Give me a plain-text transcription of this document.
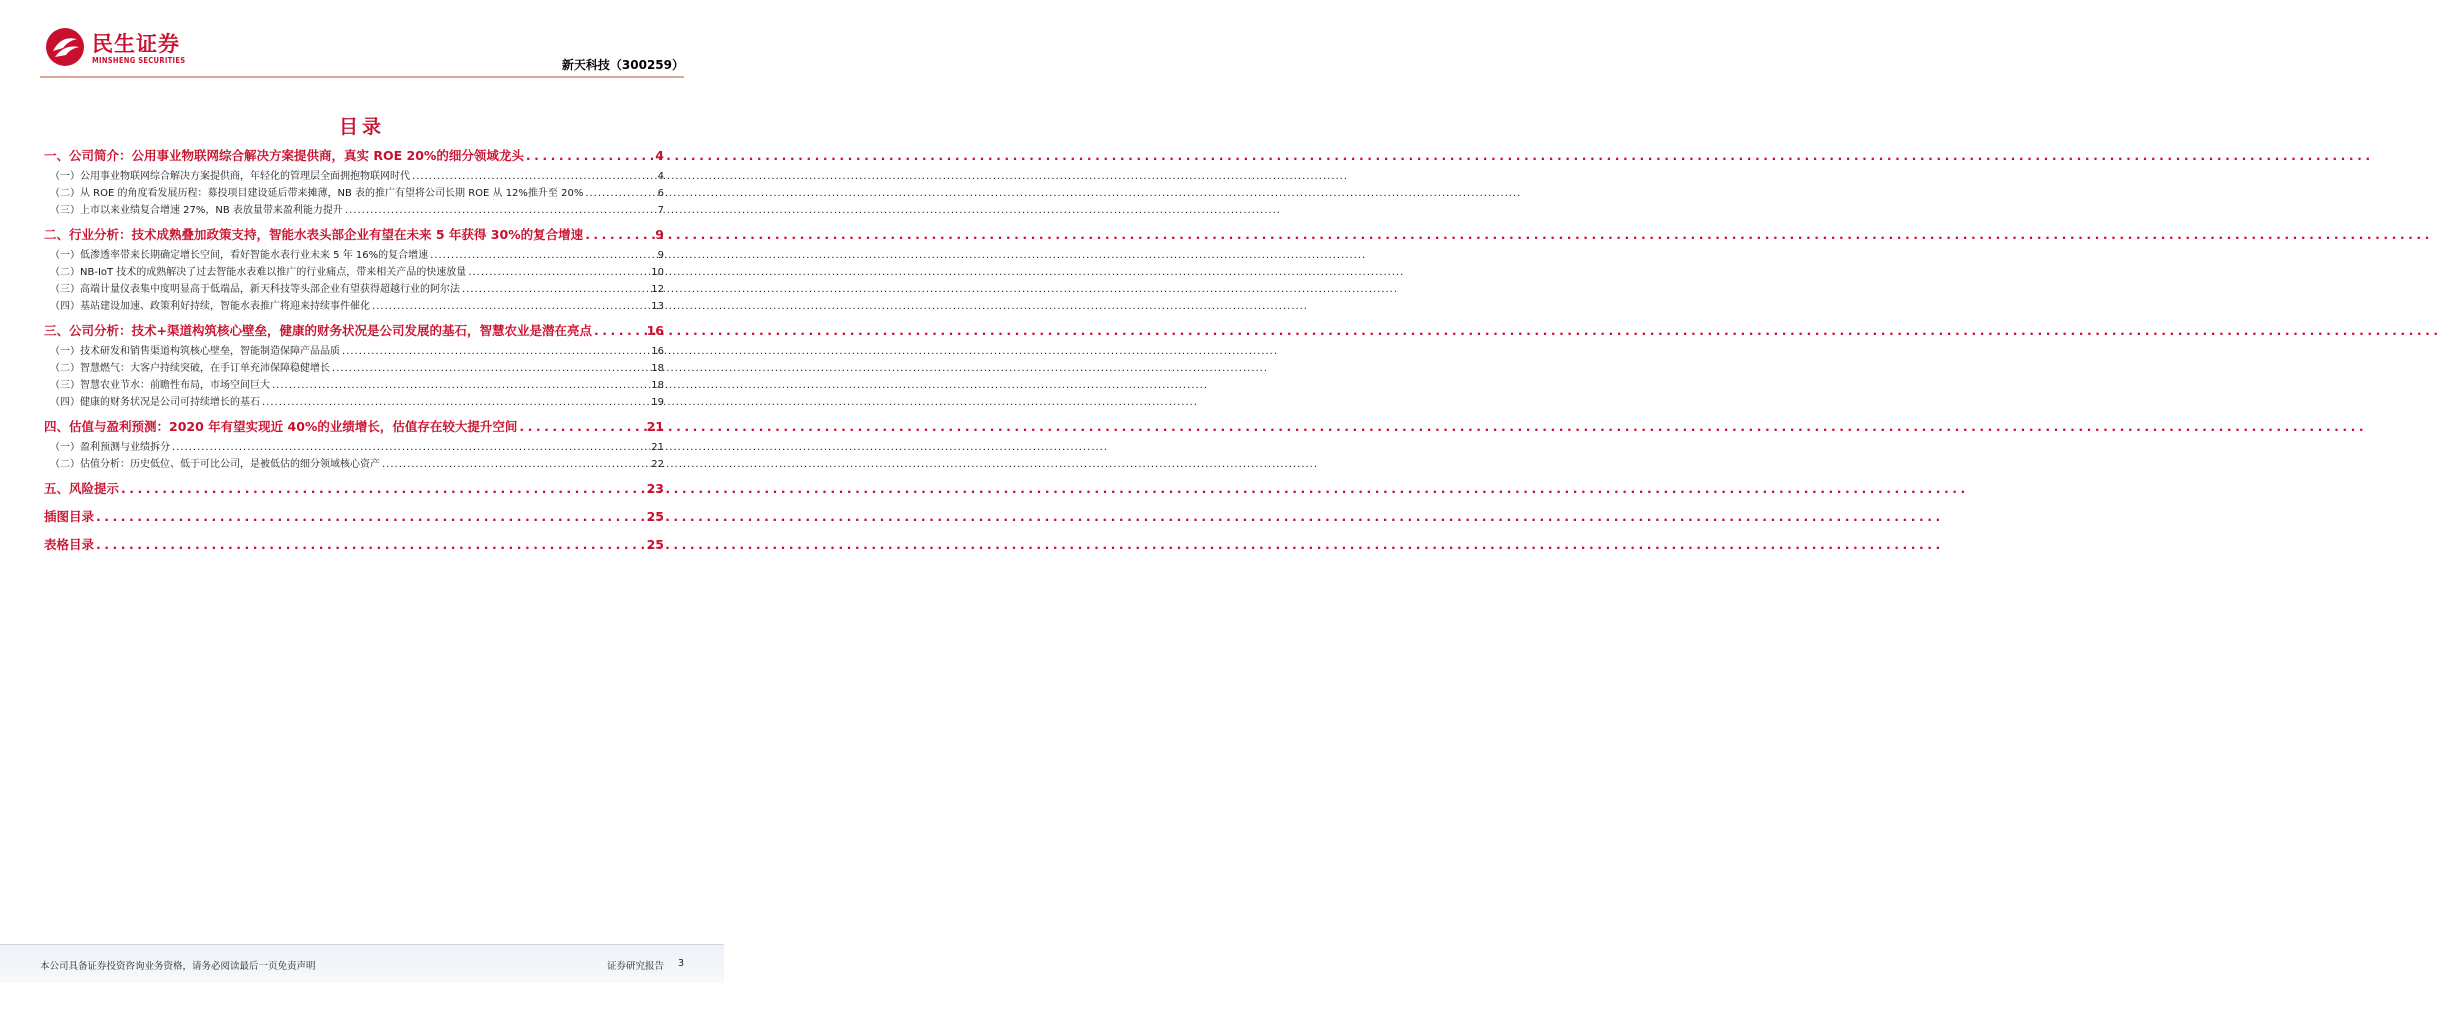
民生证券
MINSHENG SECURITIES	新天科技（300259）
目录
一、公司简介：公用事业物联网综合解决方案提供商，真实 ROE 20%的细分领域龙头 .....	4
（一）公用事业物联网综合解决方案提供商，年轻化的管理层全面拥抱物联网时代 .....	4
（二）从 ROE 的角度看发展历程：募投项目建设延后带来摊薄，NB 表的推广有望将公司长期 ROE 从 12%推升至 20% .....	6
（三）上市以来业绩复合增速 27%，NB 表放量带来盈利能力提升 .....	7
二、行业分析：技术成熟叠加政策支持，智能水表头部企业有望在未来 5 年获得 30%的复合增速 .....	9
（一）低渗透率带来长期确定增长空间，看好智能水表行业未来 5 年 16%的复合增速 .....	9
（二）NB-IoT 技术的成熟解决了过去智能水表难以推广的行业痛点，带来相关产品的快速放量 .....	10
（三）高端计量仪表集中度明显高于低端品，新天科技等头部企业有望获得超越行业的阿尔法 .....	12
（四）基站建设加速、政策利好持续，智能水表推广将迎来持续事件催化 .....	13
三、公司分析：技术+渠道构筑核心壁垒，健康的财务状况是公司发展的基石，智慧农业是潜在亮点 .....	16
（一）技术研发和销售渠道构筑核心壁垒，智能制造保障产品品质 .....	16
（二）智慧燃气：大客户持续突破，在手订单充沛保障稳健增长 .....	18
（三）智慧农业节水：前瞻性布局，市场空间巨大 .....	18
（四）健康的财务状况是公司可持续增长的基石 .....	19
四、估值与盈利预测：2020 年有望实现近 40%的业绩增长，估值存在较大提升空间 .....	21
（一）盈利预测与业绩拆分 .....	21
（二）估值分析：历史低位、低于可比公司，是被低估的细分领域核心资产 .....	22
五、风险提示 .....	23
插图目录 .....	25
表格目录 .....	25
本公司具备证券投资咨询业务资格，请务必阅读最后一页免责声明	证券研究报告 3
